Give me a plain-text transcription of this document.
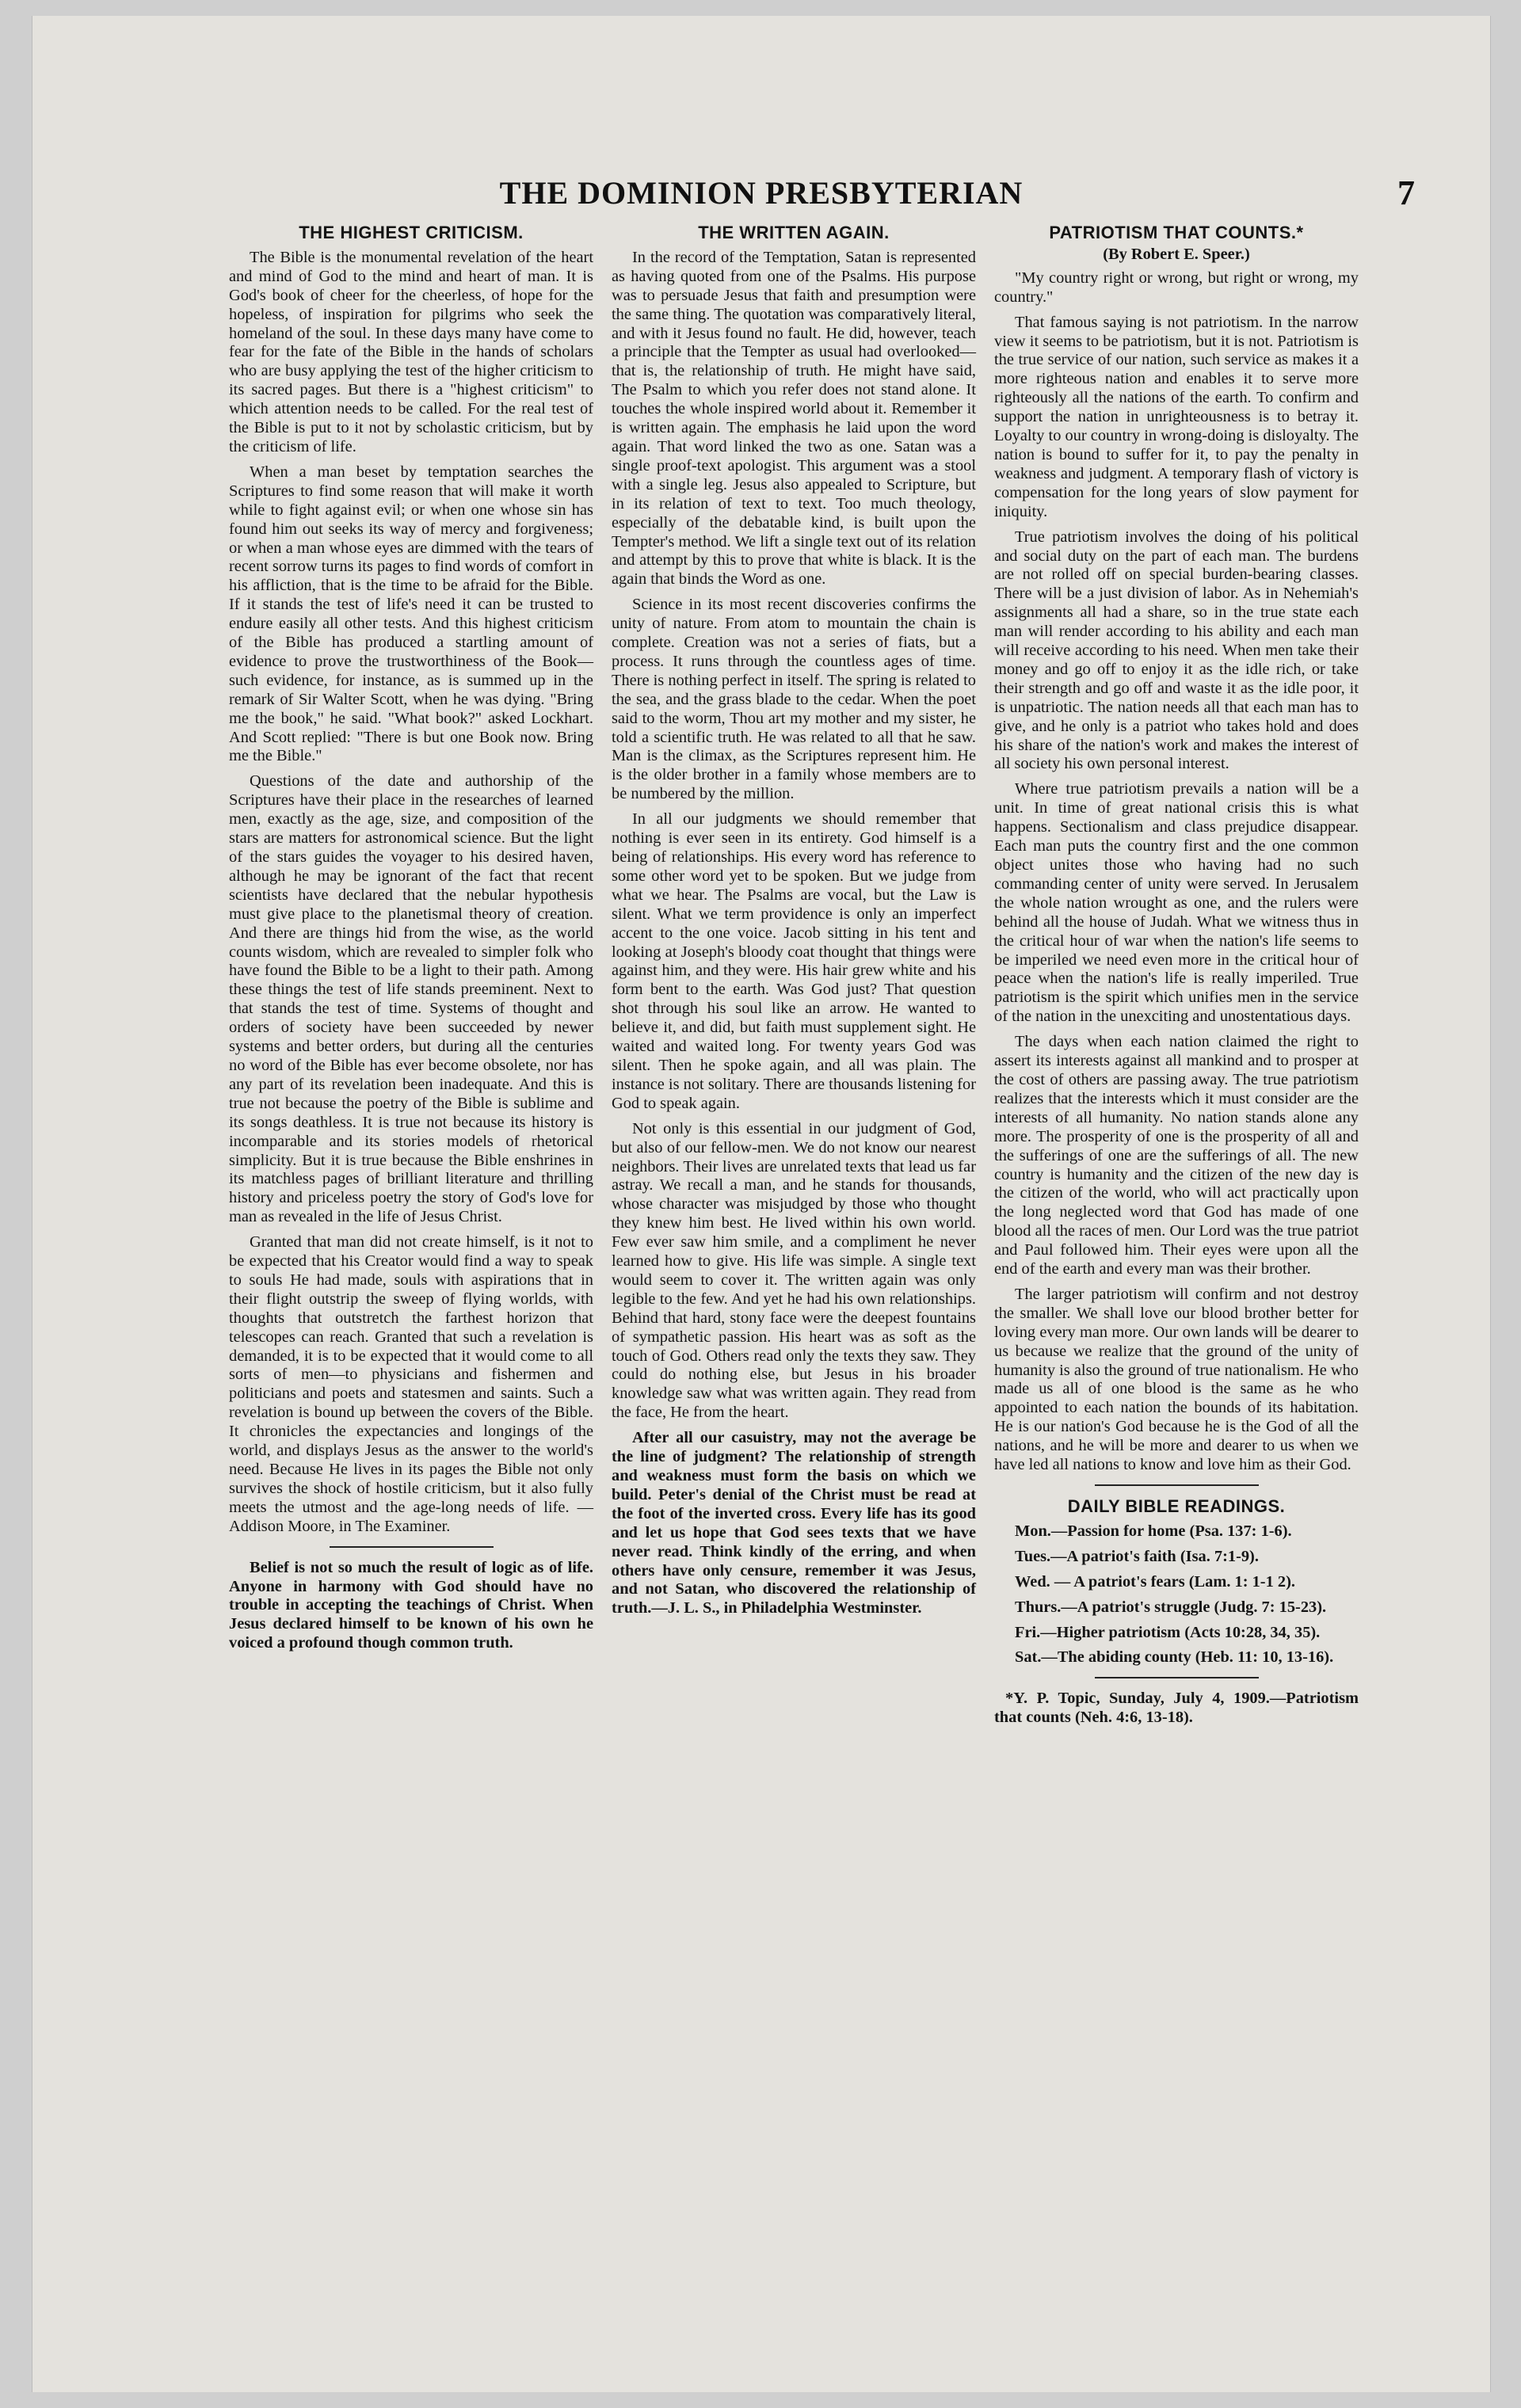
THE DOMINION PRESBYTERIAN	7
THE HIGHEST CRITICISM.

The Bible is the monumental revelation of the heart and mind of God to the mind and heart of man. It is God's book of cheer for the cheerless, of hope for the hopeless, of inspiration for pilgrims who seek the homeland of the soul. In these days many have come to fear for the fate of the Bible in the hands of scholars who are busy applying the test of the higher criticism to its sacred pages. But there is a "highest criticism" to which attention needs to be called. For the real test of the Bible is put to it not by scholastic criticism, but by the criticism of life.

When a man beset by temptation searches the Scriptures to find some reason that will make it worth while to fight against evil; or when one whose sin has found him out seeks its way of mercy and forgiveness; or when a man whose eyes are dimmed with the tears of recent sorrow turns its pages to find words of comfort in his affliction, that is the time to be afraid for the Bible. If it stands the test of life's need it can be trusted to endure easily all other tests. And this highest criticism of the Bible has produced a startling amount of evidence to prove the trustworthiness of the Book—such evidence, for instance, as is summed up in the remark of Sir Walter Scott, when he was dying. "Bring me the book," he said. "What book?" asked Lockhart. And Scott replied: "There is but one Book now. Bring me the Bible."

Questions of the date and authorship of the Scriptures have their place in the researches of learned men, exactly as the age, size, and composition of the stars are matters for astronomical science. But the light of the stars guides the voyager to his desired haven, although he may be ignorant of the fact that recent scientists have declared that the nebular hypothesis must give place to the planetismal theory of creation. And there are things hid from the wise, as the world counts wisdom, which are revealed to simpler folk who have found the Bible to be a light to their path. Among these things the test of life stands preeminent. Next to that stands the test of time. Systems of thought and orders of society have been succeeded by newer systems and better orders, but during all the centuries no word of the Bible has ever become obsolete, nor has any part of its revelation been inadequate. And this is true not because the poetry of the Bible is sublime and its songs deathless. It is true not because its history is incomparable and its stories models of rhetorical simplicity. But it is true because the Bible enshrines in its matchless pages of brilliant literature and thrilling history and priceless poetry the story of God's love for man as revealed in the life of Jesus Christ.

Granted that man did not create himself, is it not to be expected that his Creator would find a way to speak to souls He had made, souls with aspirations that in their flight outstrip the sweep of flying worlds, with thoughts that outstretch the farthest horizon that telescopes can reach. Granted that such a revelation is demanded, it is to be expected that it would come to all sorts of men—to physicians and fishermen and politicians and poets and statesmen and saints. Such a revelation is bound up between the covers of the Bible. It chronicles the expectancies and longings of the world, and displays Jesus as the answer to the world's need. Because He lives in its pages the Bible not only survives the shock of hostile criticism, but it also fully meets the utmost and the age-long needs of life. —Addison Moore, in The Examiner.

Belief is not so much the result of logic as of life. Anyone in harmony with God should have no trouble in accepting the teachings of Christ. When Jesus declared himself to be known of his own he voiced a profound though common truth.

THE WRITTEN AGAIN.

In the record of the Temptation, Satan is represented as having quoted from one of the Psalms. His purpose was to persuade Jesus that faith and presumption were the same thing. The quotation was comparatively literal, and with it Jesus found no fault. He did, however, teach a principle that the Tempter as usual had overlooked—that is, the relationship of truth. He might have said, The Psalm to which you refer does not stand alone. It touches the whole inspired world about it. Remember it is written again. The emphasis he laid upon the word again. That word linked the two as one. Satan was a single proof-text apologist. This argument was a stool with a single leg. Jesus also appealed to Scripture, but in its relation of text to text. Too much theology, especially of the debatable kind, is built upon the Tempter's method. We lift a single text out of its relation and attempt by this to prove that white is black. It is the again that binds the Word as one.

Science in its most recent discoveries confirms the unity of nature. From atom to mountain the chain is complete. Creation was not a series of fiats, but a process. It runs through the countless ages of time. There is nothing perfect in itself. The spring is related to the sea, and the grass blade to the cedar. When the poet said to the worm, Thou art my mother and my sister, he told a scientific truth. He was related to all that he saw. Man is the climax, as the Scriptures represent him. He is the older brother in a family whose members are to be numbered by the million.

In all our judgments we should remember that nothing is ever seen in its entirety. God himself is a being of relationships. His every word has reference to some other word yet to be spoken. But we judge from what we hear. The Psalms are vocal, but the Law is silent. What we term providence is only an imperfect accent to the one voice. Jacob sitting in his tent and looking at Joseph's bloody coat thought that things were against him, and they were. His hair grew white and his form bent to the earth. Was God just? That question shot through his soul like an arrow. He wanted to believe it, and did, but faith must supplement sight. He waited and waited long. For twenty years God was silent. Then he spoke again, and all was plain. The instance is not solitary. There are thousands listening for God to speak again.

Not only is this essential in our judgment of God, but also of our fellow-men. We do not know our nearest neighbors. Their lives are unrelated texts that lead us far astray. We recall a man, and he stands for thousands, whose character was misjudged by those who thought they knew him best. He lived within his own world. Few ever saw him smile, and a compliment he never learned how to give. His life was simple. A single text would seem to cover it. The written again was only legible to the few. And yet he had his own relationships. Behind that hard, stony face were the deepest fountains of sympathetic passion. His heart was as soft as the touch of God. Others read only the texts they saw. They could do nothing else, but Jesus in his broader knowledge saw what was written again. They read from the face, He from the heart.

After all our casuistry, may not the average be the line of judgment? The relationship of strength and weakness must form the basis on which we build. Peter's denial of the Christ must be read at the foot of the inverted cross. Every life has its good and let us hope that God sees texts that we have never read. Think kindly of the erring, and when others have only censure, remember it was Jesus, and not Satan, who discovered the relationship of truth.—J. L. S., in Philadelphia Westminster.

PATRIOTISM THAT COUNTS.*
(By Robert E. Speer.)

"My country right or wrong, but right or wrong, my country."

That famous saying is not patriotism. In the narrow view it seems to be patriotism, but it is not. Patriotism is the true service of our nation, such service as makes it a more righteous nation and enables it to serve more righteously all the nations of the earth. To confirm and support the nation in unrighteousness is to betray it. Loyalty to our country in wrong-doing is disloyalty. The nation is bound to suffer for it, to pay the penalty in weakness and judgment. A temporary flash of victory is compensation for the long years of slow payment for iniquity.

True patriotism involves the doing of his political and social duty on the part of each man. The burdens are not rolled off on special burden-bearing classes. There will be a just division of labor. As in Nehemiah's assignments all had a share, so in the true state each man will render according to his ability and each man will receive according to his need. When men take their money and go off to enjoy it as the idle rich, or take their strength and go off and waste it as the idle poor, it is unpatriotic. The nation needs all that each man has to give, and he only is a patriot who takes hold and does his share of the nation's work and makes the interest of all society his own personal interest.

Where true patriotism prevails a nation will be a unit. In time of great national crisis this is what happens. Sectionalism and class prejudice disappear. Each man puts the country first and the one common object unites those who having had no such commanding center of unity were served. In Jerusalem the whole nation wrought as one, and the rulers were behind all the house of Judah. What we witness thus in the critical hour of war when the nation's life seems to be imperiled we need even more in the critical hour of peace when the nation's life is really imperiled. True patriotism is the spirit which unifies men in the service of the nation in the unexciting and unostentatious days.

The days when each nation claimed the right to assert its interests against all mankind and to prosper at the cost of others are passing away. The true patriotism realizes that the interests which it must consider are the interests of all humanity. No nation stands alone any more. The prosperity of one is the prosperity of all and the sufferings of one are the sufferings of all. The new country is humanity and the citizen of the new day is the citizen of the world, who will act practically upon the long neglected word that God has made of one blood all the races of men. Our Lord was the true patriot and Paul followed him. Their eyes were upon all the end of the earth and every man was their brother.

The larger patriotism will confirm and not destroy the smaller. We shall love our blood brother better for loving every man more. Our own lands will be dearer to us because we realize that the ground of the unity of humanity is also the ground of true nationalism. He who made us all of one blood is the same as he who appointed to each nation the bounds of its habitation. He is our nation's God because he is the God of all the nations, and he will be more and dearer to us when we have led all nations to know and love him as their God.

DAILY BIBLE READINGS.
Mon.—Passion for home (Psa. 137: 1-6).
Tues.—A patriot's faith (Isa. 7:1-9).
Wed. — A patriot's fears (Lam. 1: 1-1 2).
Thurs.—A patriot's struggle (Judg. 7: 15-23).
Fri.—Higher patriotism (Acts 10:28, 34, 35).
Sat.—The abiding county (Heb. 11: 10, 13-16).
*Y. P. Topic, Sunday, July 4, 1909.—Patriotism that counts (Neh. 4:6, 13-18).
